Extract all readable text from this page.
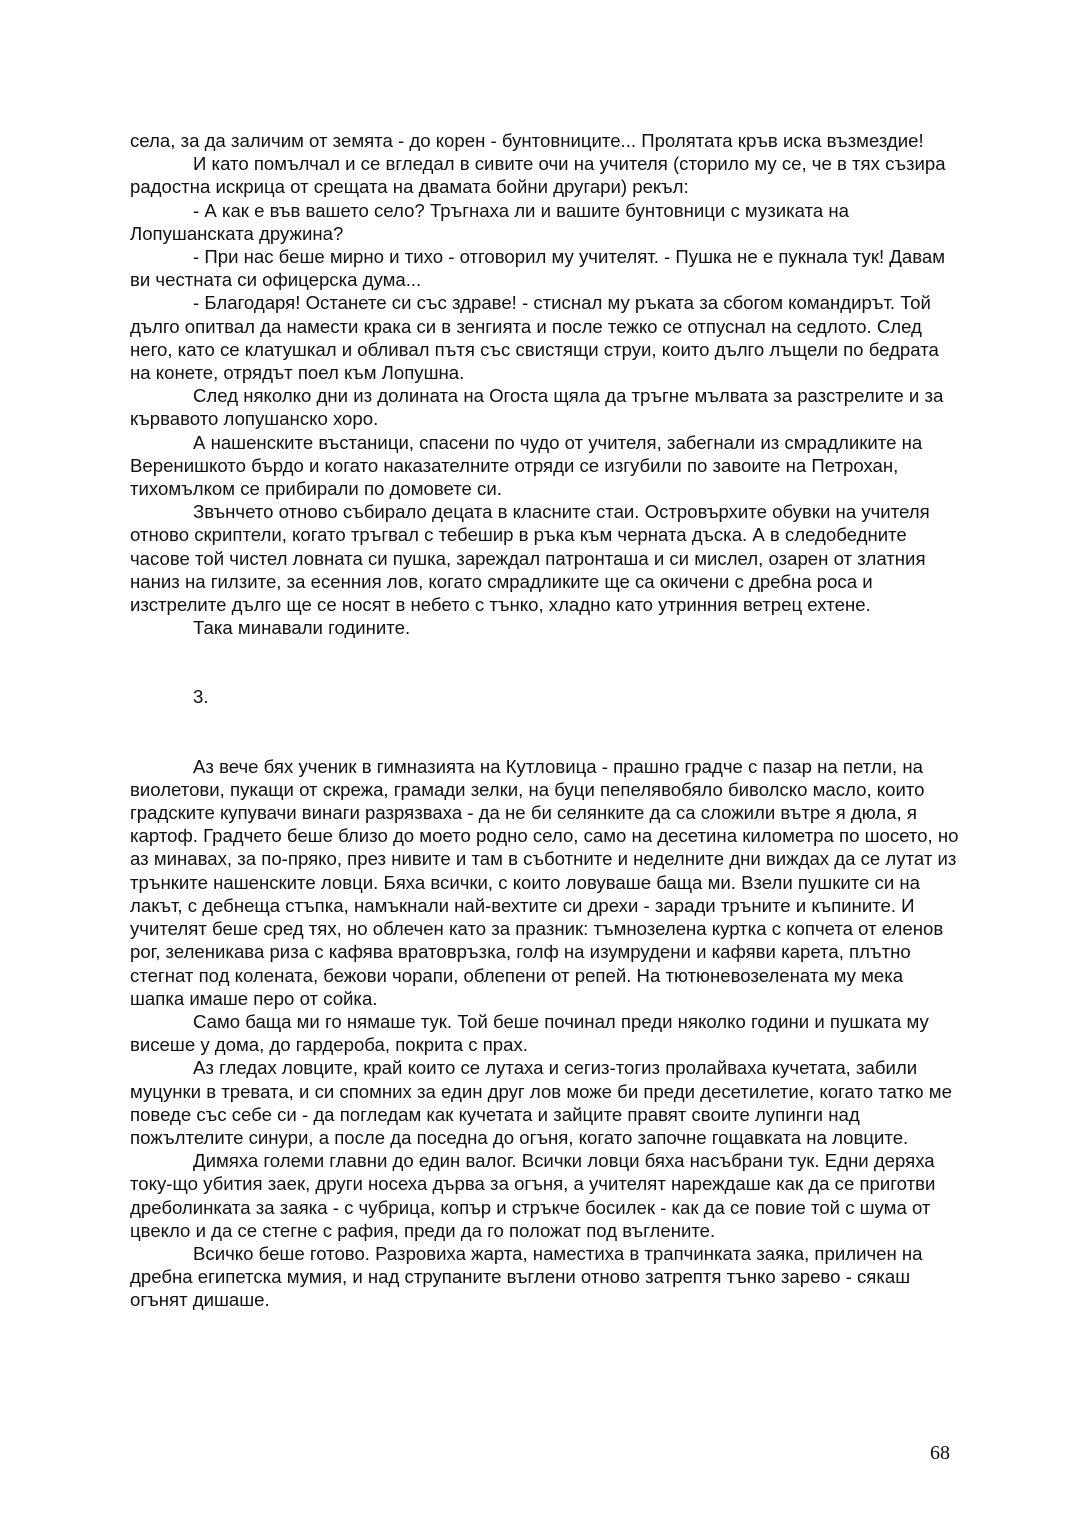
села, за да заличим от земята - до корен - бунтовниците... Пролятата кръв иска възмездие!

И като помълчал и се вгледал в сивите очи на учителя (сторило му се, че в тях съзира радостна искрица от срещата на двамата бойни другари) рекъл:

- А как е във вашето село? Тръгнаха ли и вашите бунтовници с музиката на Лопушанската дружина?

- При нас беше мирно и тихо - отговорил му учителят. - Пушка не е пукнала тук! Давам ви честната си офицерска дума...

- Благодаря! Останете си със здраве! - стиснал му ръката за сбогом командирът. Той дълго опитвал да намести крака си в зенгията и после тежко се отпуснал на седлото. След него, като се клатушкал и обливал пътя със свистящи струи, които дълго лъщели по бедрата на конете, отрядът поел към Лопушна.

След няколко дни из долината на Огоста щяла да тръгне мълвата за разстрелите и за кървавото лопушанско хоро.

А нашенските въстаници, спасени по чудо от учителя, забегнали из смрадликите на Веренишкото бърдо и когато наказателните отряди се изгубили по завоите на Петрохан, тихомълком се прибирали по домовете си.

Звънчето отново събирало децата в класните стаи. Островърхите обувки на учителя отново скриптели, когато тръгвал с тебешир в ръка към черната дъска. А в следобедните часове той чистел ловната си пушка, зареждал патронташа и си мислел, озарен от златния наниз на гилзите, за есенния лов, когато смрадликите ще са окичени с дребна роса и изстрелите дълго ще се носят в небето с тънко, хладно като утринния ветрец ехтене.

Така минавали годините.

3.

Аз вече бях ученик в гимназията на Кутловица - прашно градче с пазар на петли, на виолетови, пукащи от скрежа, грамади зелки, на буци пепелявобяло биволско масло, които градските купувачи винаги разрязваха - да не би селянките да са сложили вътре я дюла, я картоф. Градчето беше близо до моето родно село, само на десетина километра по шосето, но аз минавах, за по-пряко, през нивите и там в съботните и неделните дни виждах да се лутат из трънките нашенските ловци. Бяха всички, с които ловуваше баща ми. Взели пушките си на лакът, с дебнеща стъпка, намъкнали най-вехтите си дрехи - заради тръните и къпините. И учителят беше сред тях, но облечен като за празник: тъмнозелена куртка с копчета от еленов рог, зеленикава риза с кафява вратовръзка, голф на изумрудени и кафяви карета, плътно стегнат под колената, бежови чорапи, облепени от репей. На тютюневозелената му мека шапка имаше перо от сойка.

Само баща ми го нямаше тук. Той беше починал преди няколко години и пушката му висеше у дома, до гардероба, покрита с прах.

Аз гледах ловците, край които се лутаха и сегиз-тогиз пролайваха кучетата, забили муцунки в тревата, и си спомних за един друг лов може би преди десетилетие, когато татко ме поведе със себе си - да погледам как кучетата и зайците правят своите лупинги над пожълтелите синури, а после да поседна до огъня, когато започне гощавката на ловците.

Димяха големи главни до един валог. Всички ловци бяха насъбрани тук. Едни деряха току-що убития заек, други носеха дърва за огъня, а учителят нареждаше как да се приготви дреболинката за заяка - с чубрица, копър и стръкче босилек - как да се повие той с шума от цвекло и да се стегне с рафия, преди да го положат под въглените.

Всичко беше готово. Разровиха жарта, наместиха в трапчинката заяка, приличен на дребна египетска мумия, и над струпаните въглени отново затрептя тънко зарево - сякаш огънят дишаше.

68
